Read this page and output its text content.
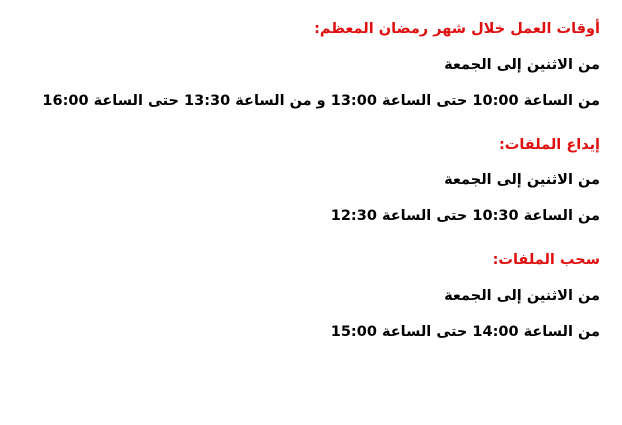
أوقات العمل خلال شهر رمضان المعظم:
من الاثنين إلى الجمعة
من الساعة 10:00 حتى الساعة 13:00 و من الساعة 13:30 حتى الساعة 16:00
إيداع الملفات:
من الاثنين إلى الجمعة
من الساعة 10:30 حتى الساعة 12:30
سحب الملفات:
من الاثنين إلى الجمعة
من الساعة 14:00 حتى الساعة 15:00
